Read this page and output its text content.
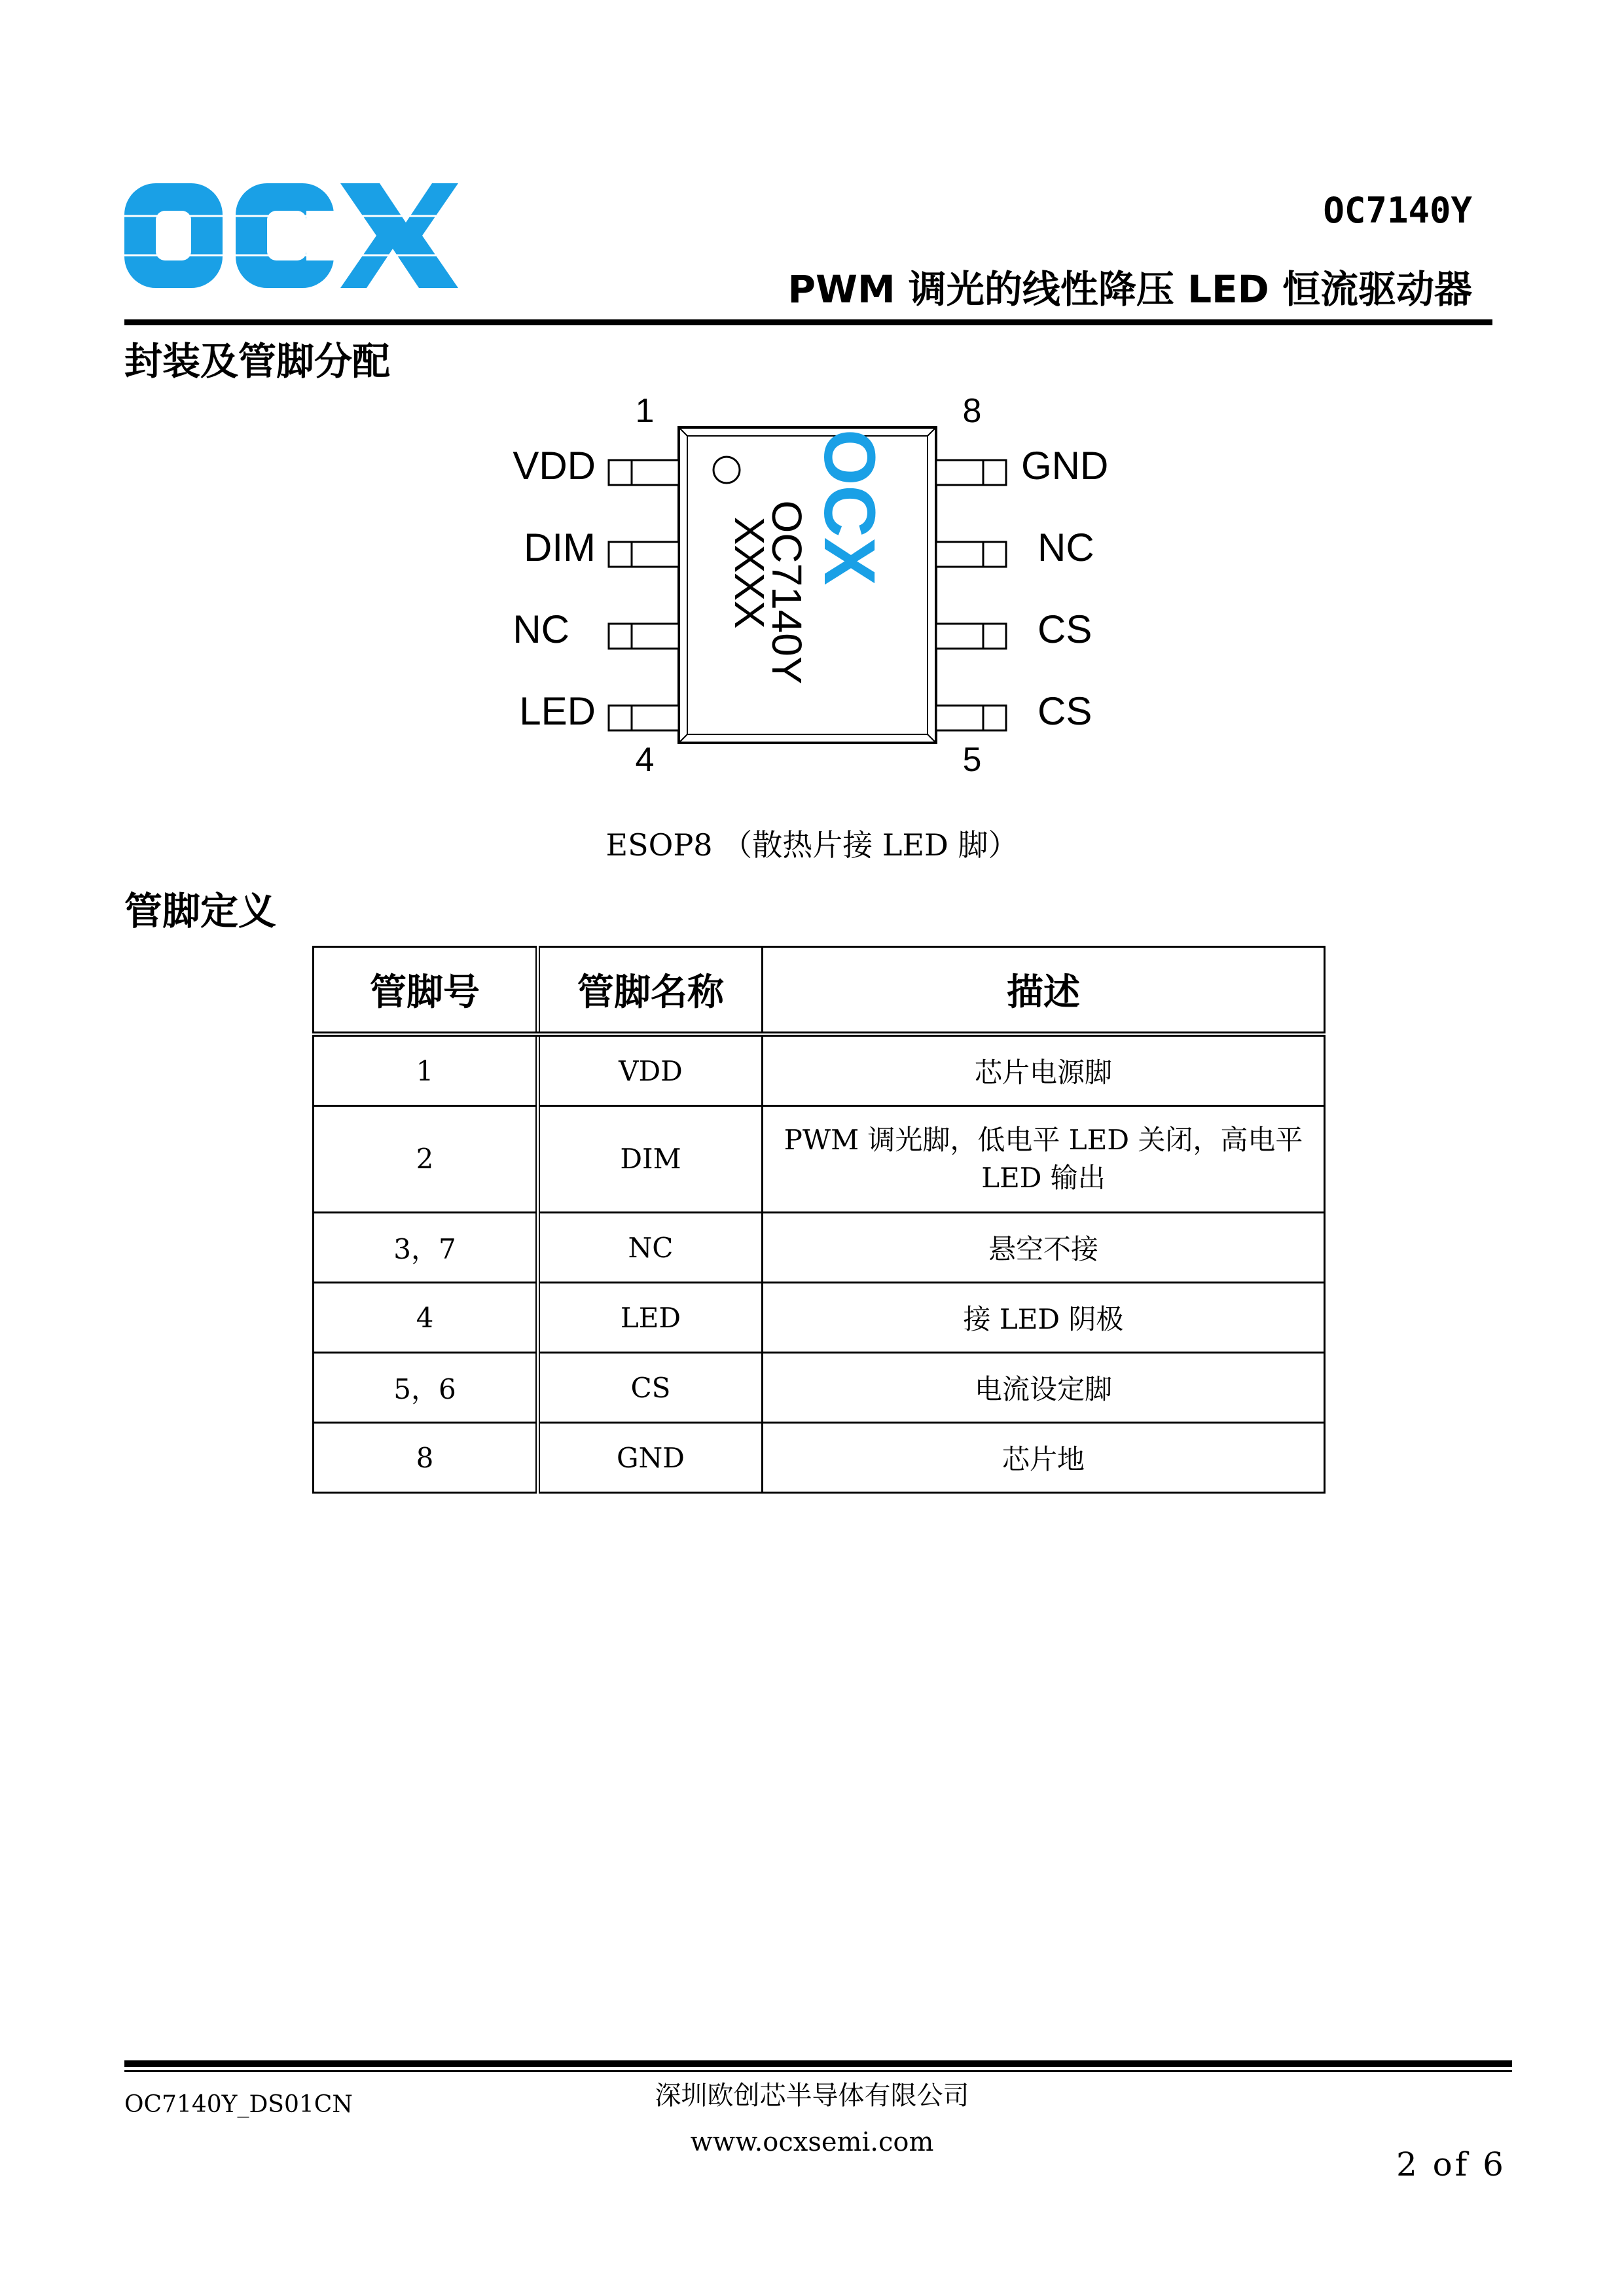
OC7140Y
PWM 调光的线性降压 LED 恒流驱动器
封装及管脚分配
VDD
DIM
NC
LED
GND
NC
CS
CS
1
4
8
5
OC7140Y
XXXX OCX
ESOP8 （散热片接 LED 脚）
管脚定义
管脚号	管脚名称	描述
1	VDD	芯片电源脚
2	DIM	PWM 调光脚，低电平 LED 关闭，高电平 LED 输出
3，7	NC	悬空不接
4	LED	接 LED 阴极
5，6	CS	电流设定脚
8	GND	芯片地
OC7140Y_DS01CN	深圳欧创芯半导体有限公司
www.ocxsemi.com
2 of 6
